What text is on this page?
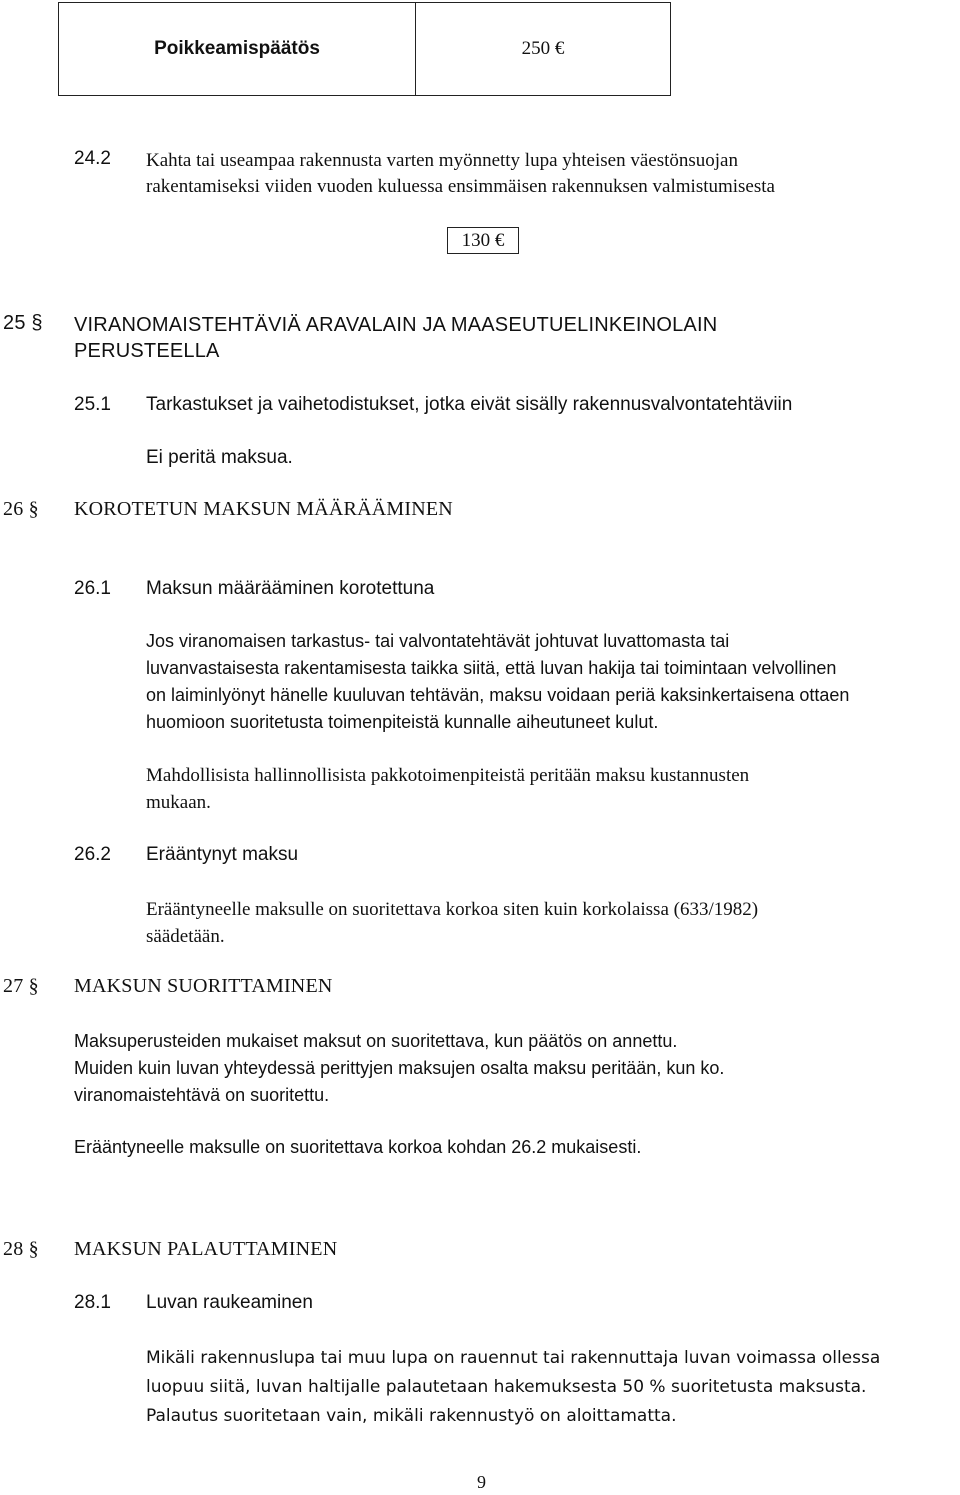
Poikkeamispäätös	250 €
24.2 Kahta tai useampaa rakennusta varten myönnetty lupa yhteisen väestönsuojan
rakentamiseksi viiden vuoden kuluessa ensimmäisen rakennuksen valmistumisesta
130 €
25 § VIRANOMAISTEHTÄVIÄ ARAVALAIN JA MAASEUTUELINKEINOLAIN
PERUSTEELLA
25.1 Tarkastukset ja vaihetodistukset, jotka eivät sisälly rakennusvalvontatehtäviin
Ei peritä maksua.
26 § KOROTETUN MAKSUN MÄÄRÄÄMINEN
26.1 Maksun määrääminen korotettuna
Jos viranomaisen tarkastus- tai valvontatehtävät johtuvat luvattomasta tai
luvanvastaisesta rakentamisesta taikka siitä, että luvan hakija tai toimintaan velvollinen
on laiminlyönyt hänelle kuuluvan tehtävän, maksu voidaan periä kaksinkertaisena ottaen
huomioon suoritetusta toimenpiteistä kunnalle aiheutuneet kulut.
Mahdollisista hallinnollisista pakkotoimenpiteistä peritään maksu kustannusten
mukaan.
26.2 Erääntynyt maksu
Erääntyneelle maksulle on suoritettava korkoa siten kuin korkolaissa (633/1982)
säädetään.
27 § MAKSUN SUORITTAMINEN
Maksuperusteiden mukaiset maksut on suoritettava, kun päätös on annettu.
Muiden kuin luvan yhteydessä perittyjen maksujen osalta maksu peritään, kun ko.
viranomaistehtävä on suoritettu.
Erääntyneelle maksulle on suoritettava korkoa kohdan 26.2 mukaisesti.
28 § MAKSUN PALAUTTAMINEN
28.1 Luvan raukeaminen
Mikäli rakennuslupa tai muu lupa on rauennut tai rakennuttaja luvan voimassa ollessa
luopuu siitä, luvan haltijalle palautetaan hakemuksesta 50 % suoritetusta maksusta.
Palautus suoritetaan vain, mikäli rakennustyö on aloittamatta.
9
